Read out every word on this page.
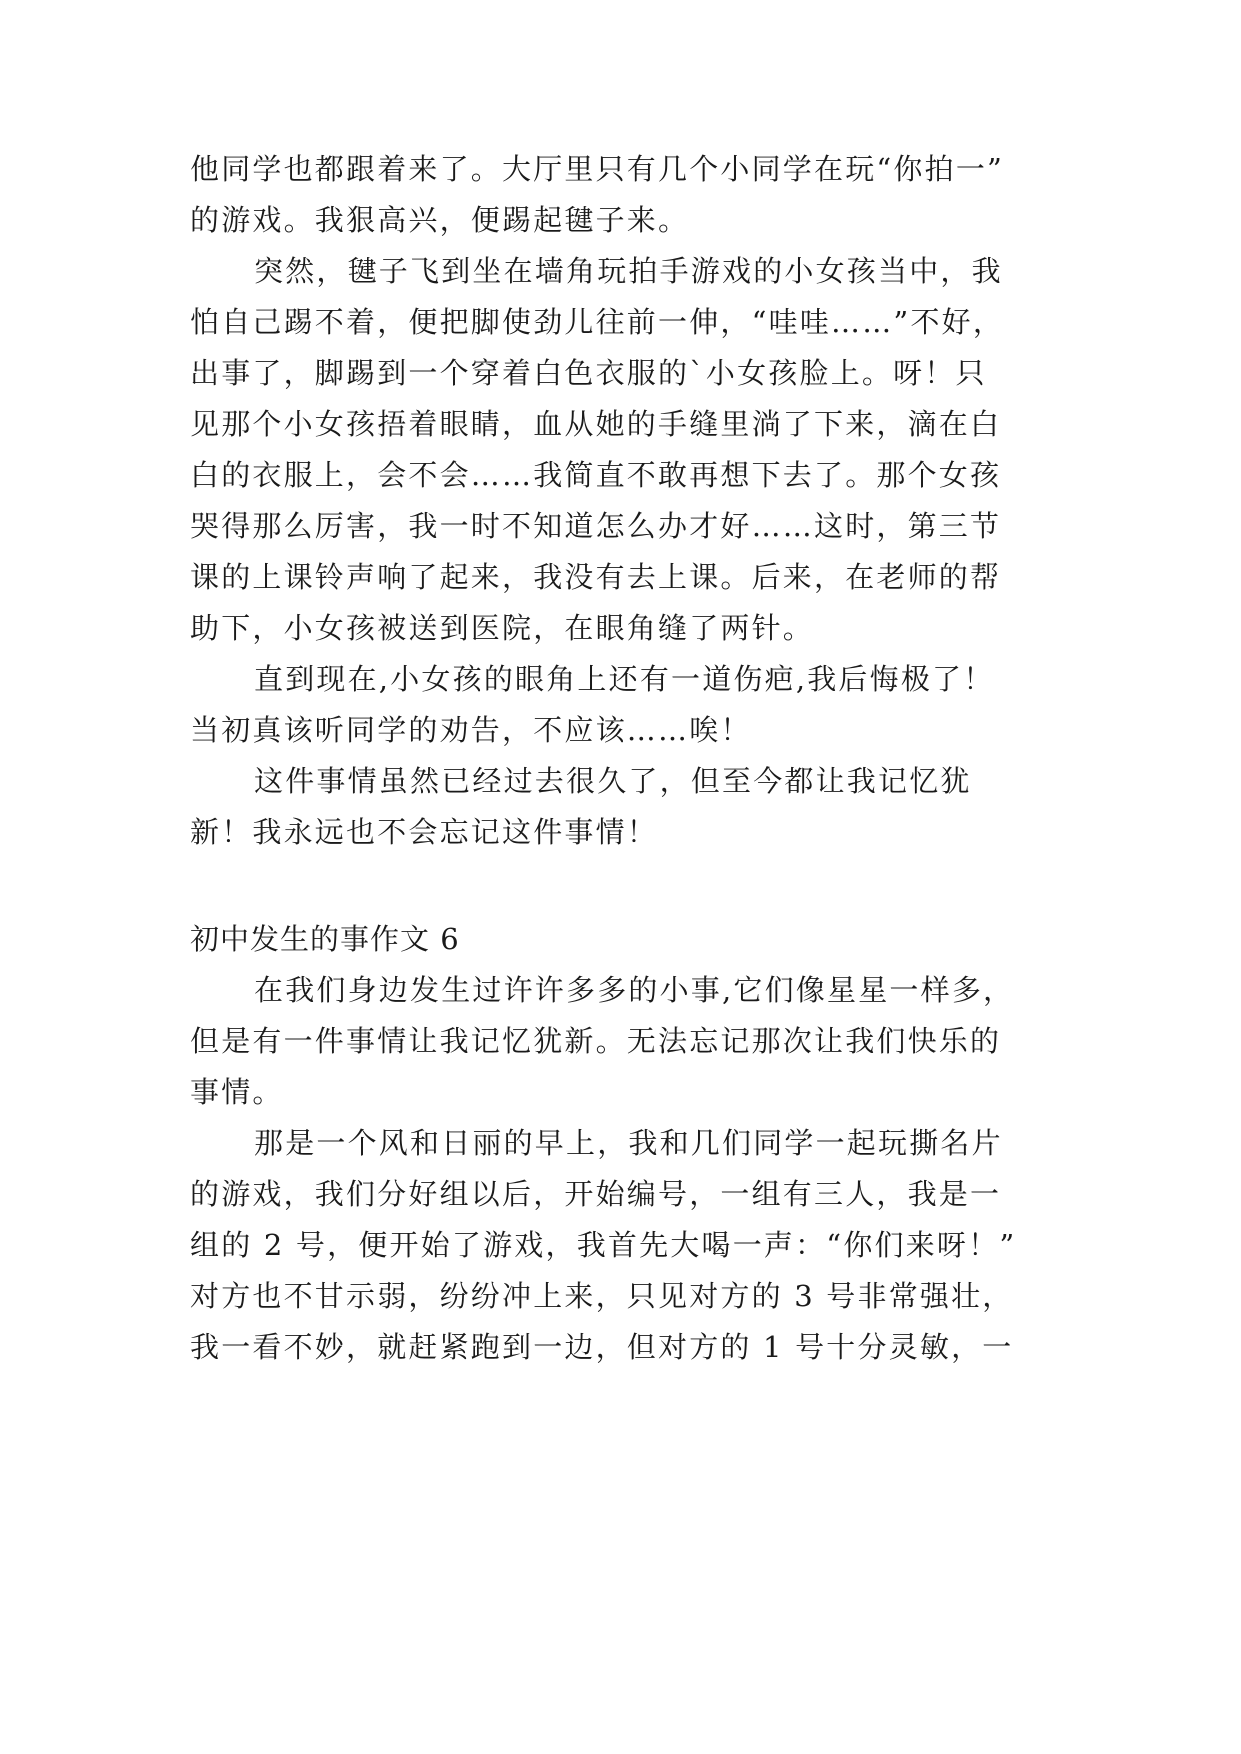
他同学也都跟着来了。大厅里只有几个小同学在玩“你拍一”
的游戏。我狠高兴，便踢起毽子来。
突然，毽子飞到坐在墙角玩拍手游戏的小女孩当中，我
怕自己踢不着，便把脚使劲儿往前一伸，“哇哇……”不好，
出事了，脚踢到一个穿着白色衣服的`小女孩脸上。呀！只
见那个小女孩捂着眼睛，血从她的手缝里淌了下来，滴在白
白的衣服上，会不会……我简直不敢再想下去了。那个女孩
哭得那么厉害，我一时不知道怎么办才好……这时，第三节
课的上课铃声响了起来，我没有去上课。后来，在老师的帮
助下，小女孩被送到医院，在眼角缝了两针。
直到现在,小女孩的眼角上还有一道伤疤,我后悔极了！
当初真该听同学的劝告，不应该……唉！
这件事情虽然已经过去很久了，但至今都让我记忆犹
新！我永远也不会忘记这件事情！
初中发生的事作文 6
在我们身边发生过许许多多的小事,它们像星星一样多，
但是有一件事情让我记忆犹新。无法忘记那次让我们快乐的
事情。
那是一个风和日丽的早上，我和几们同学一起玩撕名片
的游戏，我们分好组以后，开始编号，一组有三人，我是一
组的 2 号，便开始了游戏，我首先大喝一声：“你们来呀！”
对方也不甘示弱，纷纷冲上来，只见对方的 3 号非常强壮，
我一看不妙，就赶紧跑到一边，但对方的 1 号十分灵敏，一
